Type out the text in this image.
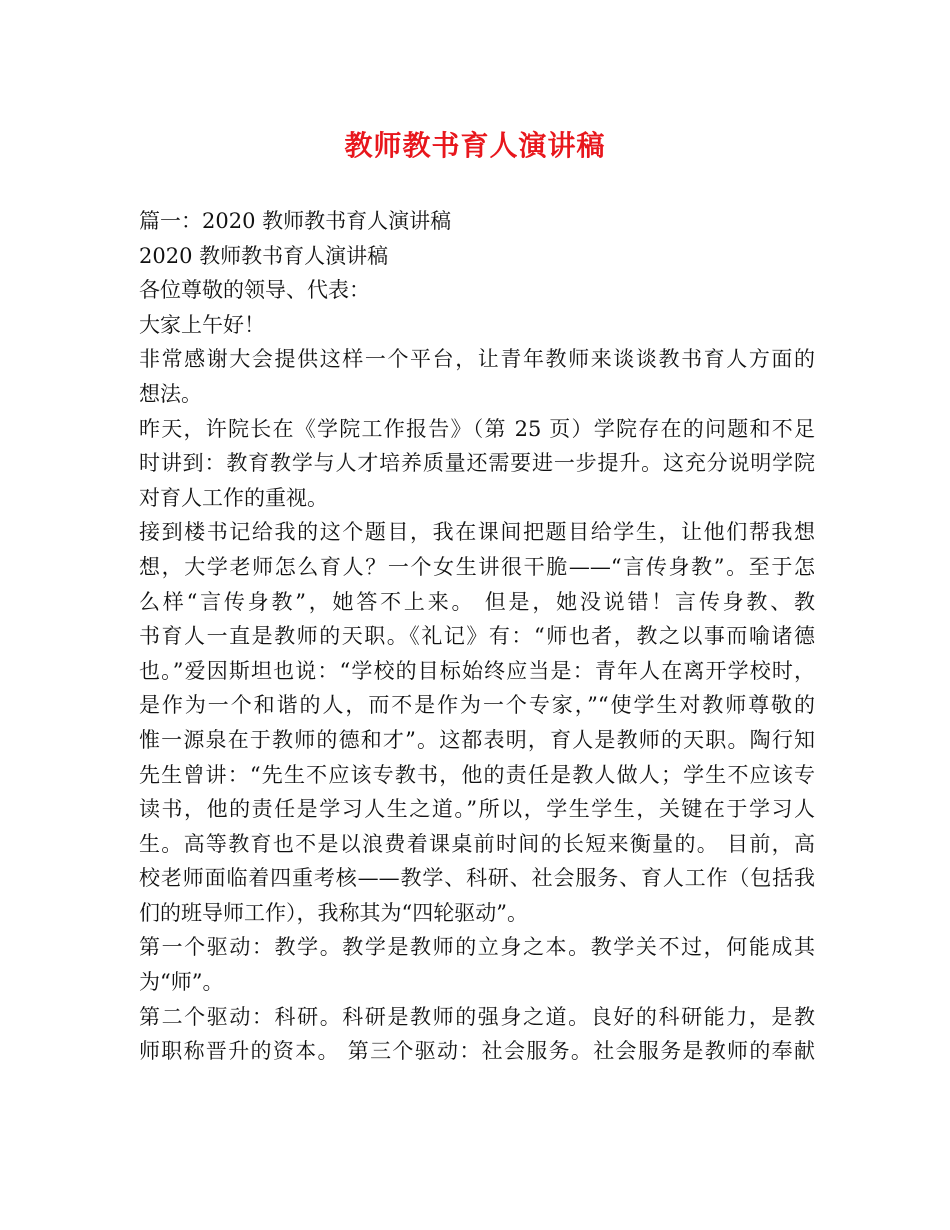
教师教书育人演讲稿
篇一：2020 教师教书育人演讲稿
2020 教师教书育人演讲稿
各位尊敬的领导、代表：
大家上午好！
非常感谢大会提供这样一个平台，让青年教师来谈谈教书育人方面的
想法。
昨天，许院长在《学院工作报告》（第 25 页）学院存在的问题和不足
时讲到：教育教学与人才培养质量还需要进一步提升。这充分说明学院
对育人工作的重视。
接到楼书记给我的这个题目，我在课间把题目给学生，让他们帮我想
想，大学老师怎么育人？一个女生讲很干脆——“言传身教”。至于怎
么样“言传身教”，她答不上来。 但是，她没说错！言传身教、教
书育人一直是教师的天职。《礼记》有：“师也者，教之以事而喻诸德
也。”爱因斯坦也说：“学校的目标始终应当是：青年人在离开学校时，
是作为一个和谐的人，而不是作为一个专家，”“使学生对教师尊敬的
惟一源泉在于教师的德和才”。这都表明，育人是教师的天职。陶行知
先生曾讲：“先生不应该专教书，他的责任是教人做人；学生不应该专
读书，他的责任是学习人生之道。”所以，学生学生，关键在于学习人
生。高等教育也不是以浪费着课桌前时间的长短来衡量的。 目前，高
校老师面临着四重考核——教学、科研、社会服务、育人工作（包括我
们的班导师工作），我称其为“四轮驱动”。
第一个驱动：教学。教学是教师的立身之本。教学关不过，何能成其
为“师”。
第二个驱动：科研。科研是教师的强身之道。良好的科研能力，是教
师职称晋升的资本。 第三个驱动：社会服务。社会服务是教师的奉献
